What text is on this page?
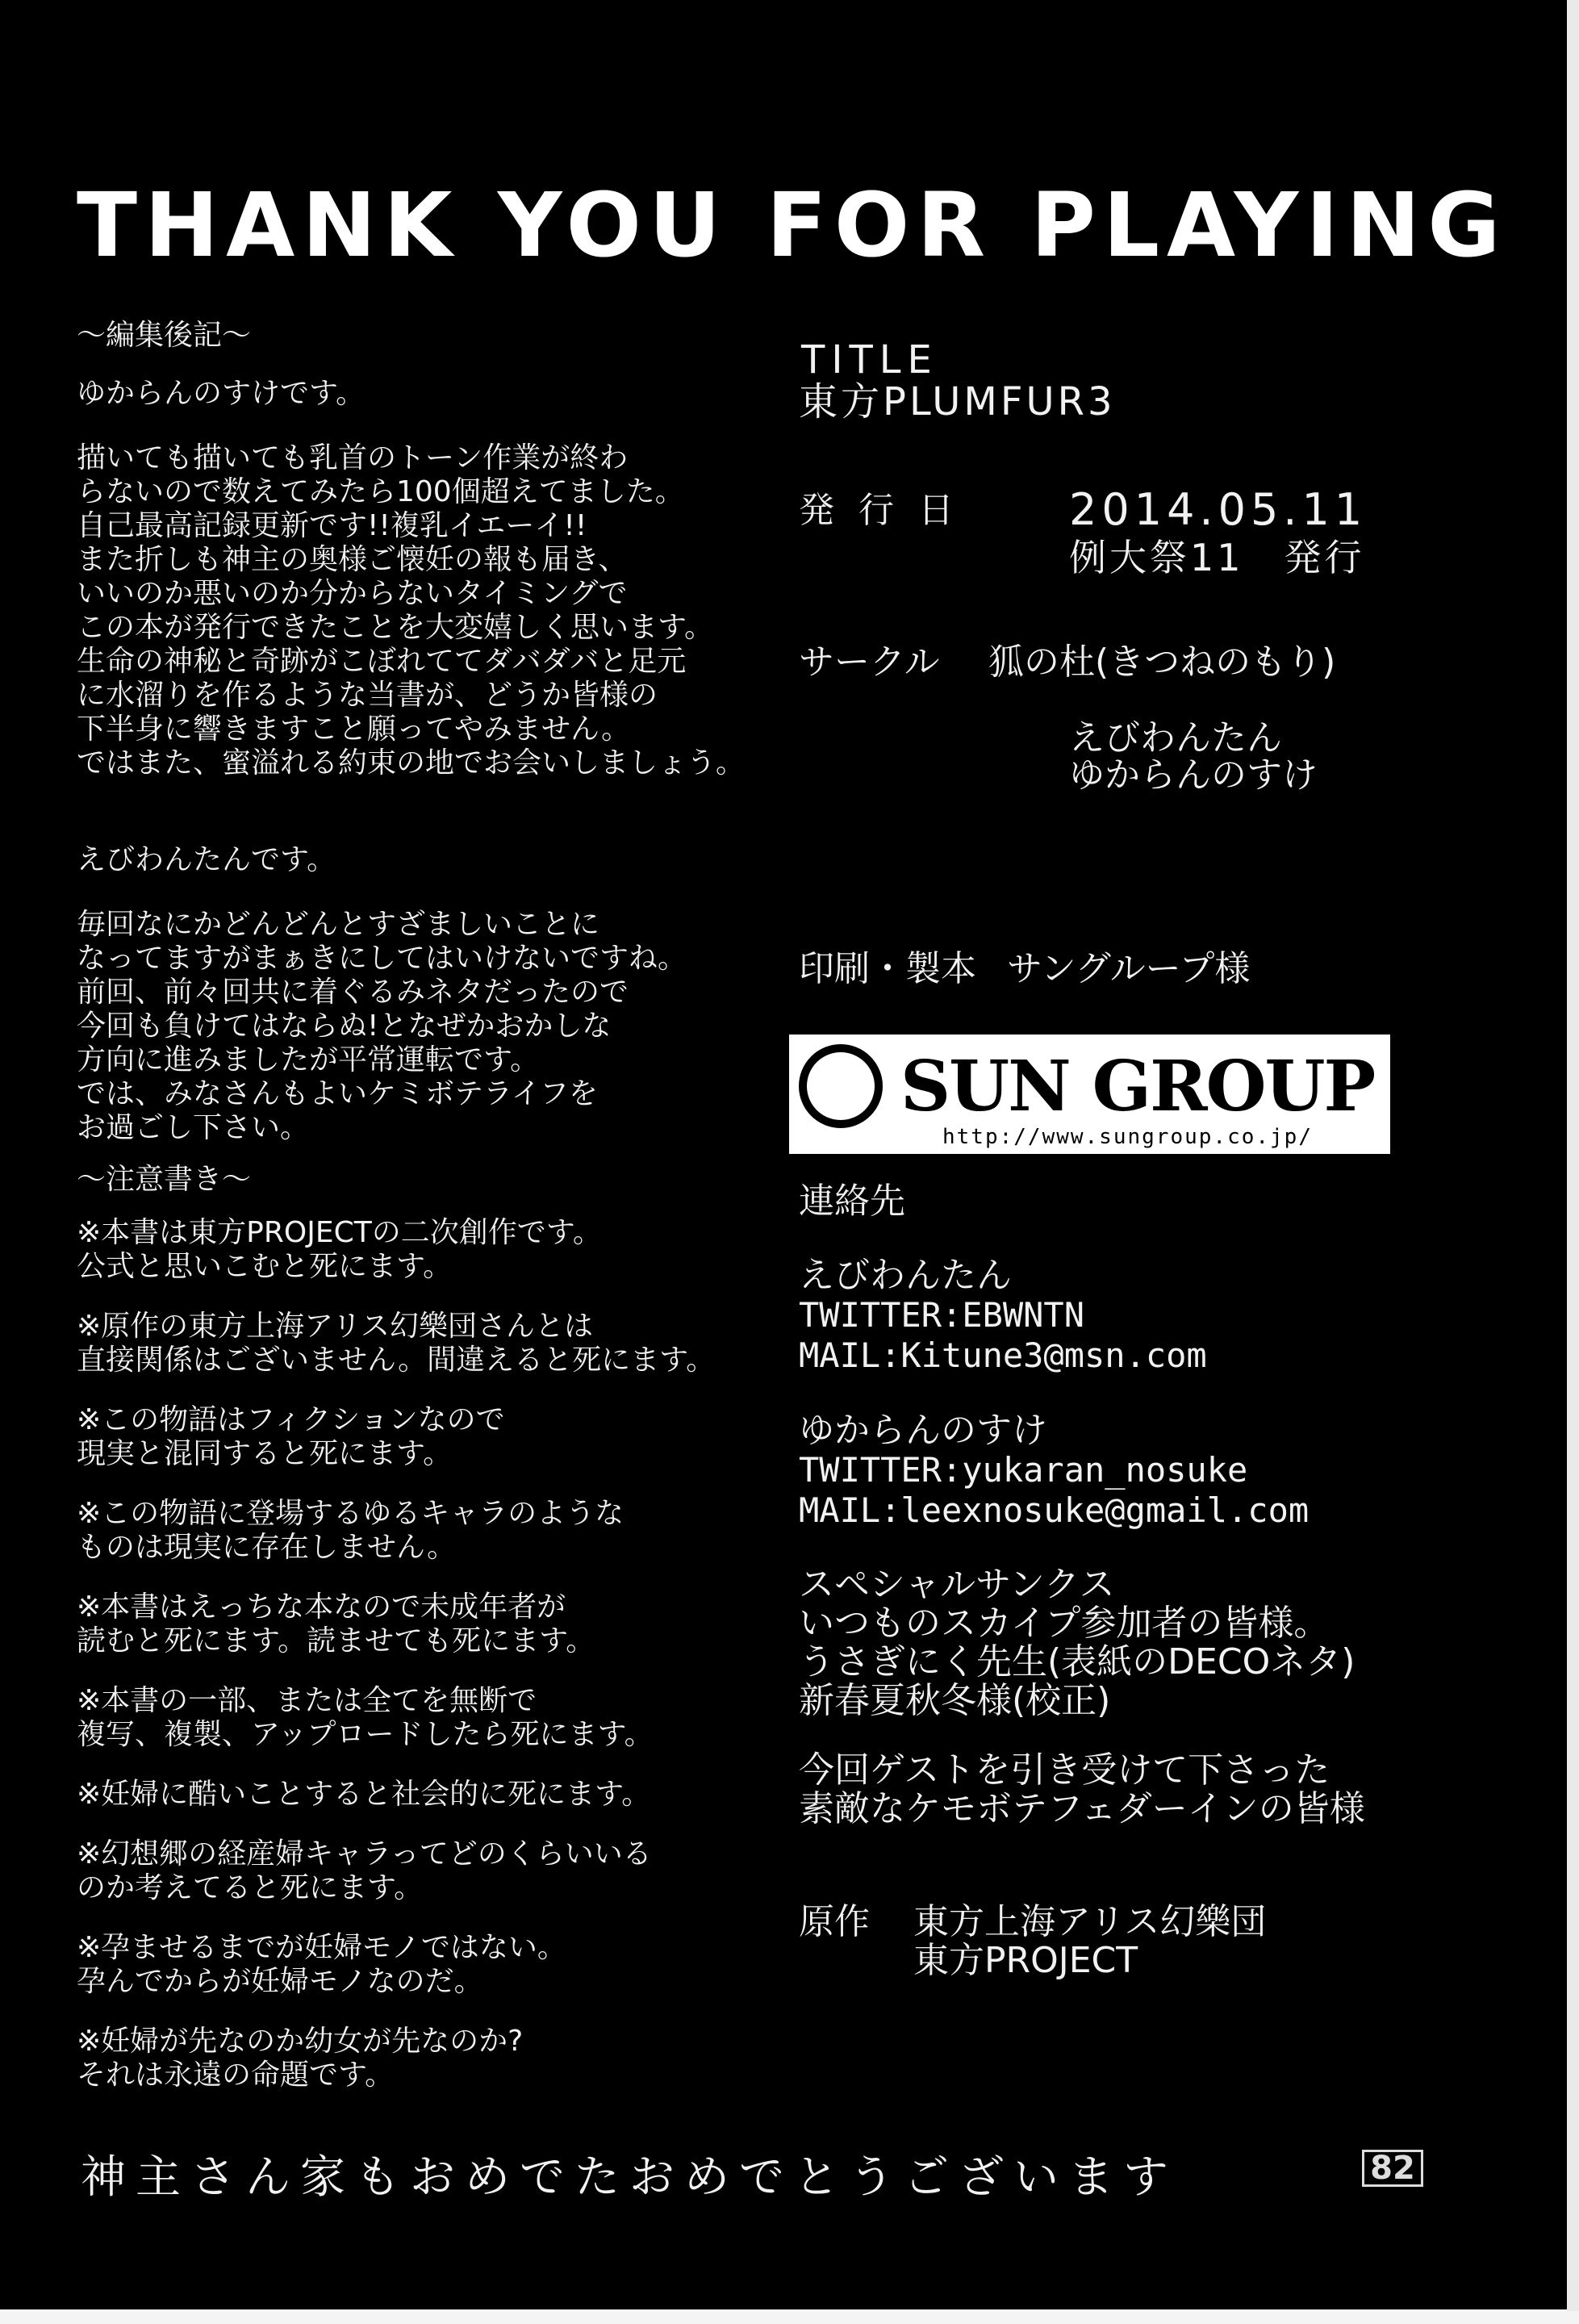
THANK YOU FOR PLAYING

～編集後記～

ゆからんのすけです。

描いても描いても乳首のトーン作業が終わ
らないので数えてみたら100個超えてました。
自己最高記録更新です!!複乳イエーイ!!
また折しも神主の奥様ご懐妊の報も届き、
いいのか悪いのか分からないタイミングで
この本が発行できたことを大変嬉しく思います。
生命の神秘と奇跡がこぼれててダバダバと足元
に水溜りを作るような当書が、どうか皆様の
下半身に響きますこと願ってやみません。
ではまた、蜜溢れる約束の地でお会いしましょう。

えびわんたんです。

毎回なにかどんどんとすざましいことに
なってますがまぁきにしてはいけないですね。
前回、前々回共に着ぐるみネタだったので
今回も負けてはならぬ!となぜかおかしな
方向に進みましたが平常運転です。
では、みなさんもよいケミボテライフを
お過ごし下さい。

～注意書き～

※本書は東方PROJECTの二次創作です。
公式と思いこむと死にます。
※原作の東方上海アリス幻樂団さんとは
直接関係はございません。間違えると死にます。
※この物語はフィクションなので
現実と混同すると死にます。
※この物語に登場するゆるキャラのような
ものは現実に存在しません。
※本書はえっちな本なので未成年者が
読むと死にます。読ませても死にます。
※本書の一部、または全てを無断で
複写、複製、アップロードしたら死にます。
※妊婦に酷いことすると社会的に死にます。
※幻想郷の経産婦キャラってどのくらいいる
のか考えてると死にます。
※孕ませるまでが妊婦モノではない。
孕んでからが妊婦モノなのだ。
※妊婦が先なのか幼女が先なのか?
それは永遠の命題です。
TITLE
東方PLUMFUR3
発行日 2014.05.11
例大祭11　発行
サークル 狐の杜(きつねのもり)
えびわんたん
ゆからんのすけ
印刷・製本 サングループ様
SUN GROUP
http://www.sungroup.co.jp/
連絡先
えびわんたん
TWITTER:EBWNTN
MAIL:Kitune3@msn.com
ゆからんのすけ
TWITTER:yukaran_nosuke
MAIL:leexnosuke@gmail.com
スペシャルサンクス
いつものスカイプ参加者の皆様。
うさぎにく先生(表紙のDECOネタ)
新春夏秋冬様(校正)
今回ゲストを引き受けて下さった
素敵なケモボテフェダーインの皆様
原作 東方上海アリス幻樂団
東方PROJECT
神主さん家もおめでたおめでとうございます	82
